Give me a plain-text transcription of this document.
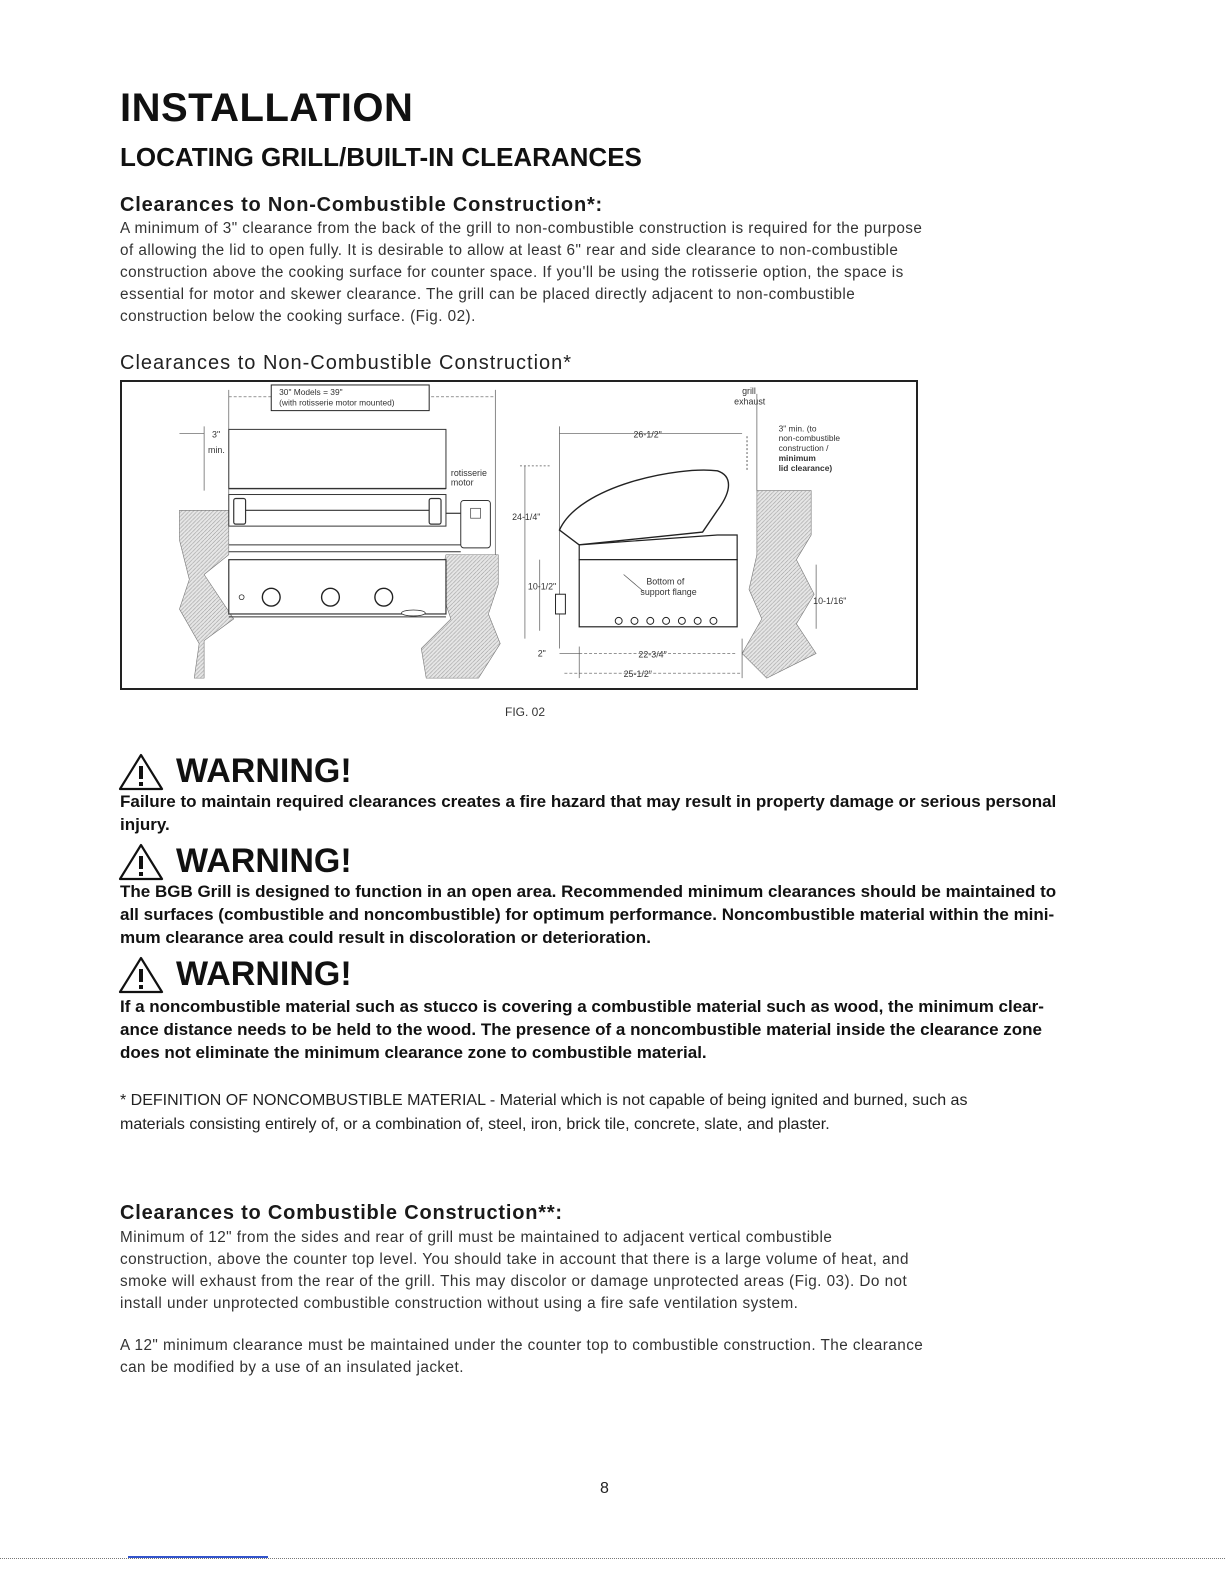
INSTALLATION
LOCATING GRILL/BUILT-IN CLEARANCES
Clearances to Non-Combustible Construction*:
A minimum of 3" clearance from the back of the grill to non-combustible construction is required for the purpose
of allowing the lid to open fully. It is desirable to allow at least 6" rear and side clearance to non-combustible
construction above the cooking surface for counter space. If you'll be using the rotisserie option, the space is
essential for motor and skewer clearance. The grill can be placed directly adjacent to non-combustible
construction below the cooking surface. (Fig. 02).
Clearances to Non-Combustible Construction*
30" Models = 39"
(with rotisserie motor mounted)
3"
min.
rotisserie
motor
grill
exhaust
26-1/2"
3" min. (to
non-combustible
construction /
minimum
lid clearance)
24-1/4"
10-1/2"	Bottom of
support flange
10-1/16"
2"	22-3/4"
25-1/2"
FIG. 02
WARNING!
Failure to maintain required clearances creates a fire hazard that may result in property damage or serious personal
injury.
WARNING!
The BGB Grill is designed to function in an open area. Recommended minimum clearances should be maintained to
all surfaces (combustible and noncombustible) for optimum performance. Noncombustible material within the mini-
mum clearance area could result in discoloration or deterioration.
WARNING!
If a noncombustible material such as stucco is covering a combustible material such as wood, the minimum clear-
ance distance needs to be held to the wood. The presence of a noncombustible material inside the clearance zone
does not eliminate the minimum clearance zone to combustible material.
* DEFINITION OF NONCOMBUSTIBLE MATERIAL - Material which is not capable of being ignited and burned, such as
materials consisting entirely of, or a combination of, steel, iron, brick tile, concrete, slate, and plaster.
Clearances to Combustible Construction**:
Minimum of 12" from the sides and rear of grill must be maintained to adjacent vertical combustible
construction, above the counter top level. You should take in account that there is a large volume of heat, and
smoke will exhaust from the rear of the grill. This may discolor or damage unprotected areas (Fig. 03). Do not
install under unprotected combustible construction without using a fire safe ventilation system.
A 12" minimum clearance must be maintained under the counter top to combustible construction. The clearance
can be modified by a use of an insulated jacket.
8
